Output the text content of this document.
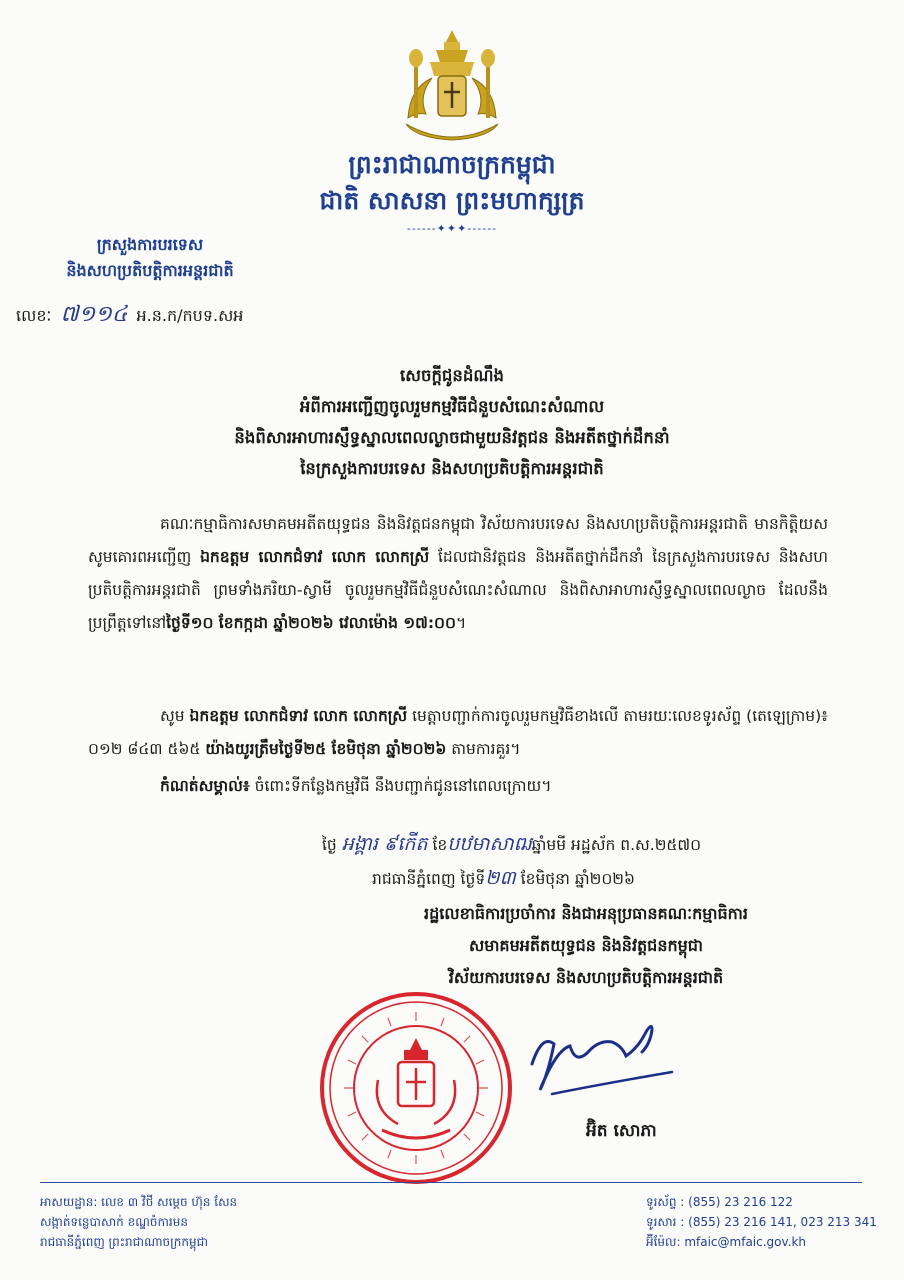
ព្រះរាជាណាចក្រកម្ពុជា
ជាតិ សាសនា ព្រះមហាក្សត្រ
------✦✦✦------
ក្រសួងការបរទេស
និងសហប្រតិបត្តិការអន្តរជាតិ
លេខៈ ៧១១៤ អ.ន.ក/កបទ.សអ
សេចក្ដីជូនដំណឹង
អំពីការអញ្ជើញចូលរួមកម្មវិធីជំនួបសំណេះសំណាល
និងពិសារអាហារស្ញឹទ្ធស្នាលពេលល្ងាចជាមួយនិវត្តជន និងអតីតថ្នាក់ដឹកនាំ
នៃក្រសួងការបរទេស និងសហប្រតិបត្តិការអន្តរជាតិ
គណៈកម្មាធិការសមាគមអតីតយុទ្ធជន និងនិវត្តជនកម្ពុជា វិស័យការបរទេស និងសហប្រតិបត្តិការអន្តរជាតិ មានកិត្តិយសសូមគោរពអញ្ជើញ ឯកឧត្ដម លោកជំទាវ លោក លោកស្រី ដែលជានិវត្តជន និងអតីតថ្នាក់ដឹកនាំ នៃក្រសួងការបរទេស និងសហប្រតិបត្តិការអន្តរជាតិ ព្រមទាំងភរិយា-ស្វាមី ចូលរួមកម្មវិធីជំនួបសំណេះសំណាល និងពិសាអាហារស្ញឹទ្ធស្នាលពេលល្ងាច ដែលនឹងប្រព្រឹត្តទៅនៅថ្ងៃទី១០ ខែកក្កដា ឆ្នាំ២០២៦ វេលាម៉ោង ១៧:០០។
សូម ឯកឧត្ដម លោកជំទាវ លោក លោកស្រី មេត្តាបញ្ជាក់ការចូលរួមកម្មវិធីខាងលើ តាមរយៈលេខទូរស័ព្ទ (តេឡេក្រាម)៖ ០១២ ៨៤៣ ៥៦៥ យ៉ាងយូរត្រឹមថ្ងៃទី២៥ ខែមិថុនា ឆ្នាំ២០២៦ តាមការគួរ។
កំណត់សម្គាល់៖ ចំពោះទីកន្លែងកម្មវិធី នឹងបញ្ជាក់ជូននៅពេលក្រោយ។
ថ្ងៃ អង្គារ ៩កើត ខែបឋមាសាឍឆ្នាំមមី អដ្ឋស័ក ព.ស.២៥៧០
រាជធានីភ្នំពេញ ថ្ងៃទី២៣ ខែមិថុនា ឆ្នាំ២០២៦
រដ្ឋលេខាធិការប្រចាំការ និងជាអនុប្រធានគណៈកម្មាធិការ
សមាគមអតីតយុទ្ធជន និងនិវត្តជនកម្ពុជា
វិស័យការបរទេស និងសហប្រតិបត្តិការអន្តរជាតិ
អ៊ិត សោភា
អាសយដ្ឋាន: លេខ ៣ វិថី សម្តេច ហ៊ុន សែន
សង្កាត់ទន្លេបាសាក់ ខណ្ឌចំការមន
រាជធានីភ្នំពេញ ព្រះរាជាណាចក្រកម្ពុជា
ទូរស័ព្ទ : (855) 23 216 122
ទូរសារ : (855) 23 216 141, 023 213 341
អ៊ីម៉ែល: mfaic@mfaic.gov.kh
